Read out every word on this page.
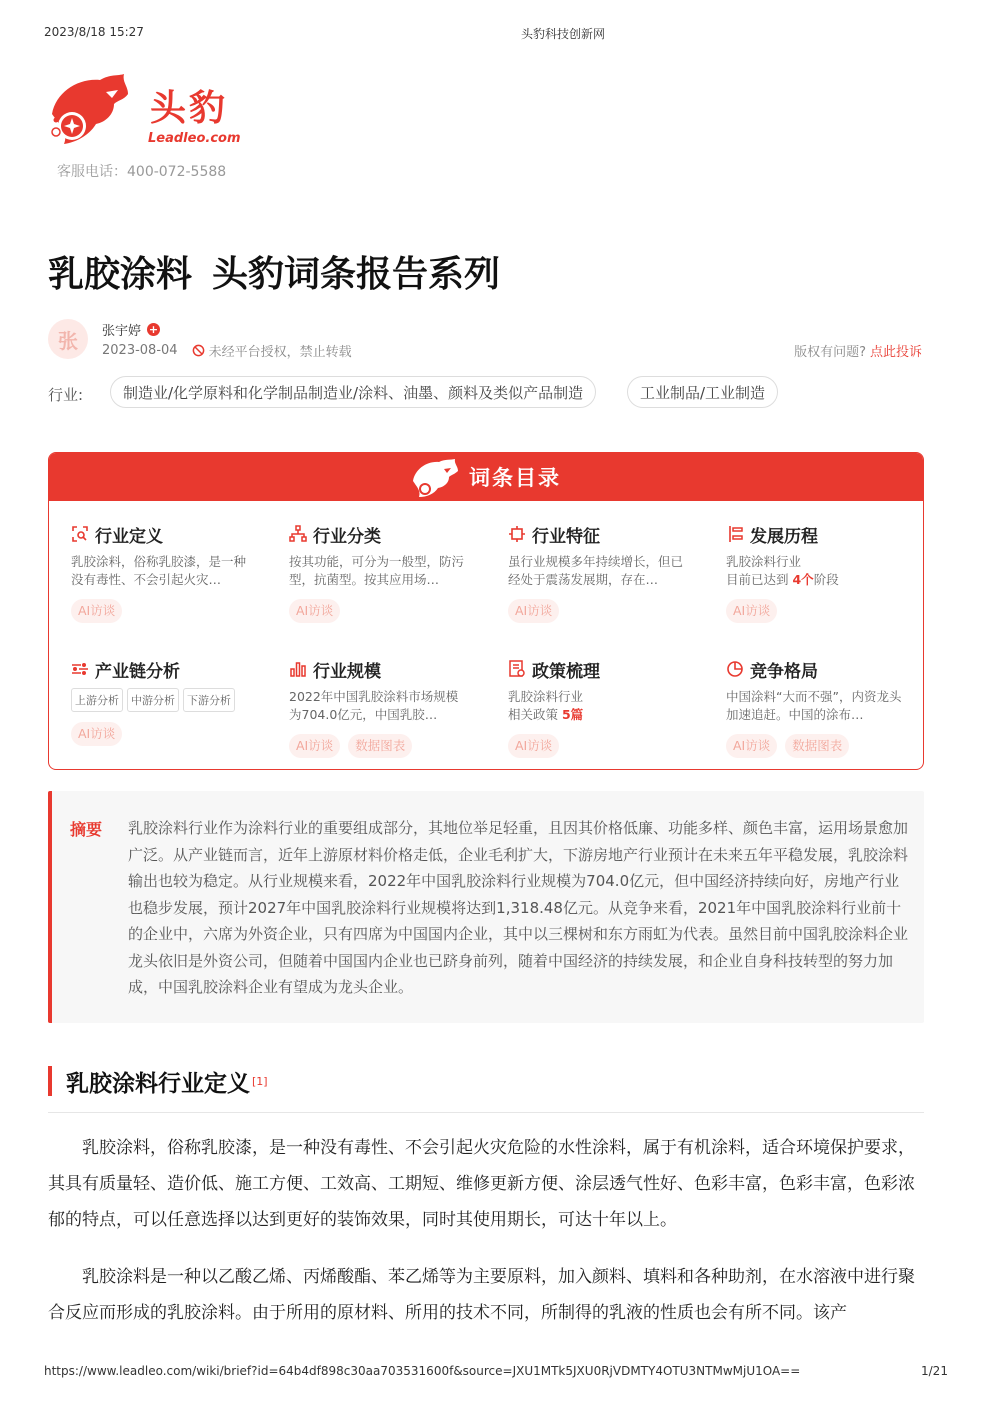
2023/8/18 15:27	头豹科技创新网
头豹
Leadleo.com
客服电话：400-072-5588
乳胶涂料 头豹词条报告系列
张	张宇婷 +
2023-08-04 未经平台授权，禁止转载	版权有问题? 点此投诉
行业:	制造业/化学原料和化学制品制造业/涂料、油墨、颜料及类似产品制造	工业制品/工业制造
词条目录
行业定义
乳胶涂料，俗称乳胶漆，是一种没有毒性、不会引起火灾…
AI访谈
行业分类
按其功能，可分为一般型，防污型，抗菌型。按其应用场…
AI访谈
行业特征
虽行业规模多年持续增长，但已经处于震荡发展期，存在…
AI访谈
发展历程
乳胶涂料行业
目前已达到 4个阶段
AI访谈
产业链分析
上游分析	中游分析	下游分析
AI访谈
行业规模
2022年中国乳胶涂料市场规模为704.0亿元，中国乳胶…
AI访谈 数据图表
政策梳理
乳胶涂料行业
相关政策 5篇
AI访谈
竞争格局
中国涂料“大而不强”，内资龙头加速追赶。中国的涂布…
AI访谈 数据图表
摘要 乳胶涂料行业作为涂料行业的重要组成部分，其地位举足轻重，且因其价格低廉、功能多样、颜色丰富，运用场景愈加广泛。从产业链而言，近年上游原材料价格走低，企业毛利扩大，下游房地产行业预计在未来五年平稳发展，乳胶涂料输出也较为稳定。从行业规模来看，2022年中国乳胶涂料行业规模为704.0亿元，但中国经济持续向好，房地产行业也稳步发展，预计2027年中国乳胶涂料行业规模将达到1,318.48亿元。从竞争来看，2021年中国乳胶涂料行业前十的企业中，六席为外资企业，只有四席为中国国内企业，其中以三棵树和东方雨虹为代表。虽然目前中国乳胶涂料企业龙头依旧是外资公司，但随着中国国内企业也已跻身前列，随着中国经济的持续发展，和企业自身科技转型的努力加成，中国乳胶涂料企业有望成为龙头企业。
乳胶涂料行业定义 [1]
乳胶涂料，俗称乳胶漆，是一种没有毒性、不会引起火灾危险的水性涂料，属于有机涂料，适合环境保护要求，其具有质量轻、造价低、施工方便、工效高、工期短、维修更新方便、涂层透气性好、色彩丰富，色彩丰富，色彩浓郁的特点，可以任意选择以达到更好的装饰效果，同时其使用期长，可达十年以上。
乳胶涂料是一种以乙酸乙烯、丙烯酸酯、苯乙烯等为主要原料，加入颜料、填料和各种助剂，在水溶液中进行聚合反应而形成的乳胶涂料。由于所用的原材料、所用的技术不同，所制得的乳液的性质也会有所不同。该产
https://www.leadleo.com/wiki/brief?id=64b4df898c30aa703531600f&source=JXU1MTk5JXU0RjVDMTY4OTU3NTMwMjU1OA==	1/21
